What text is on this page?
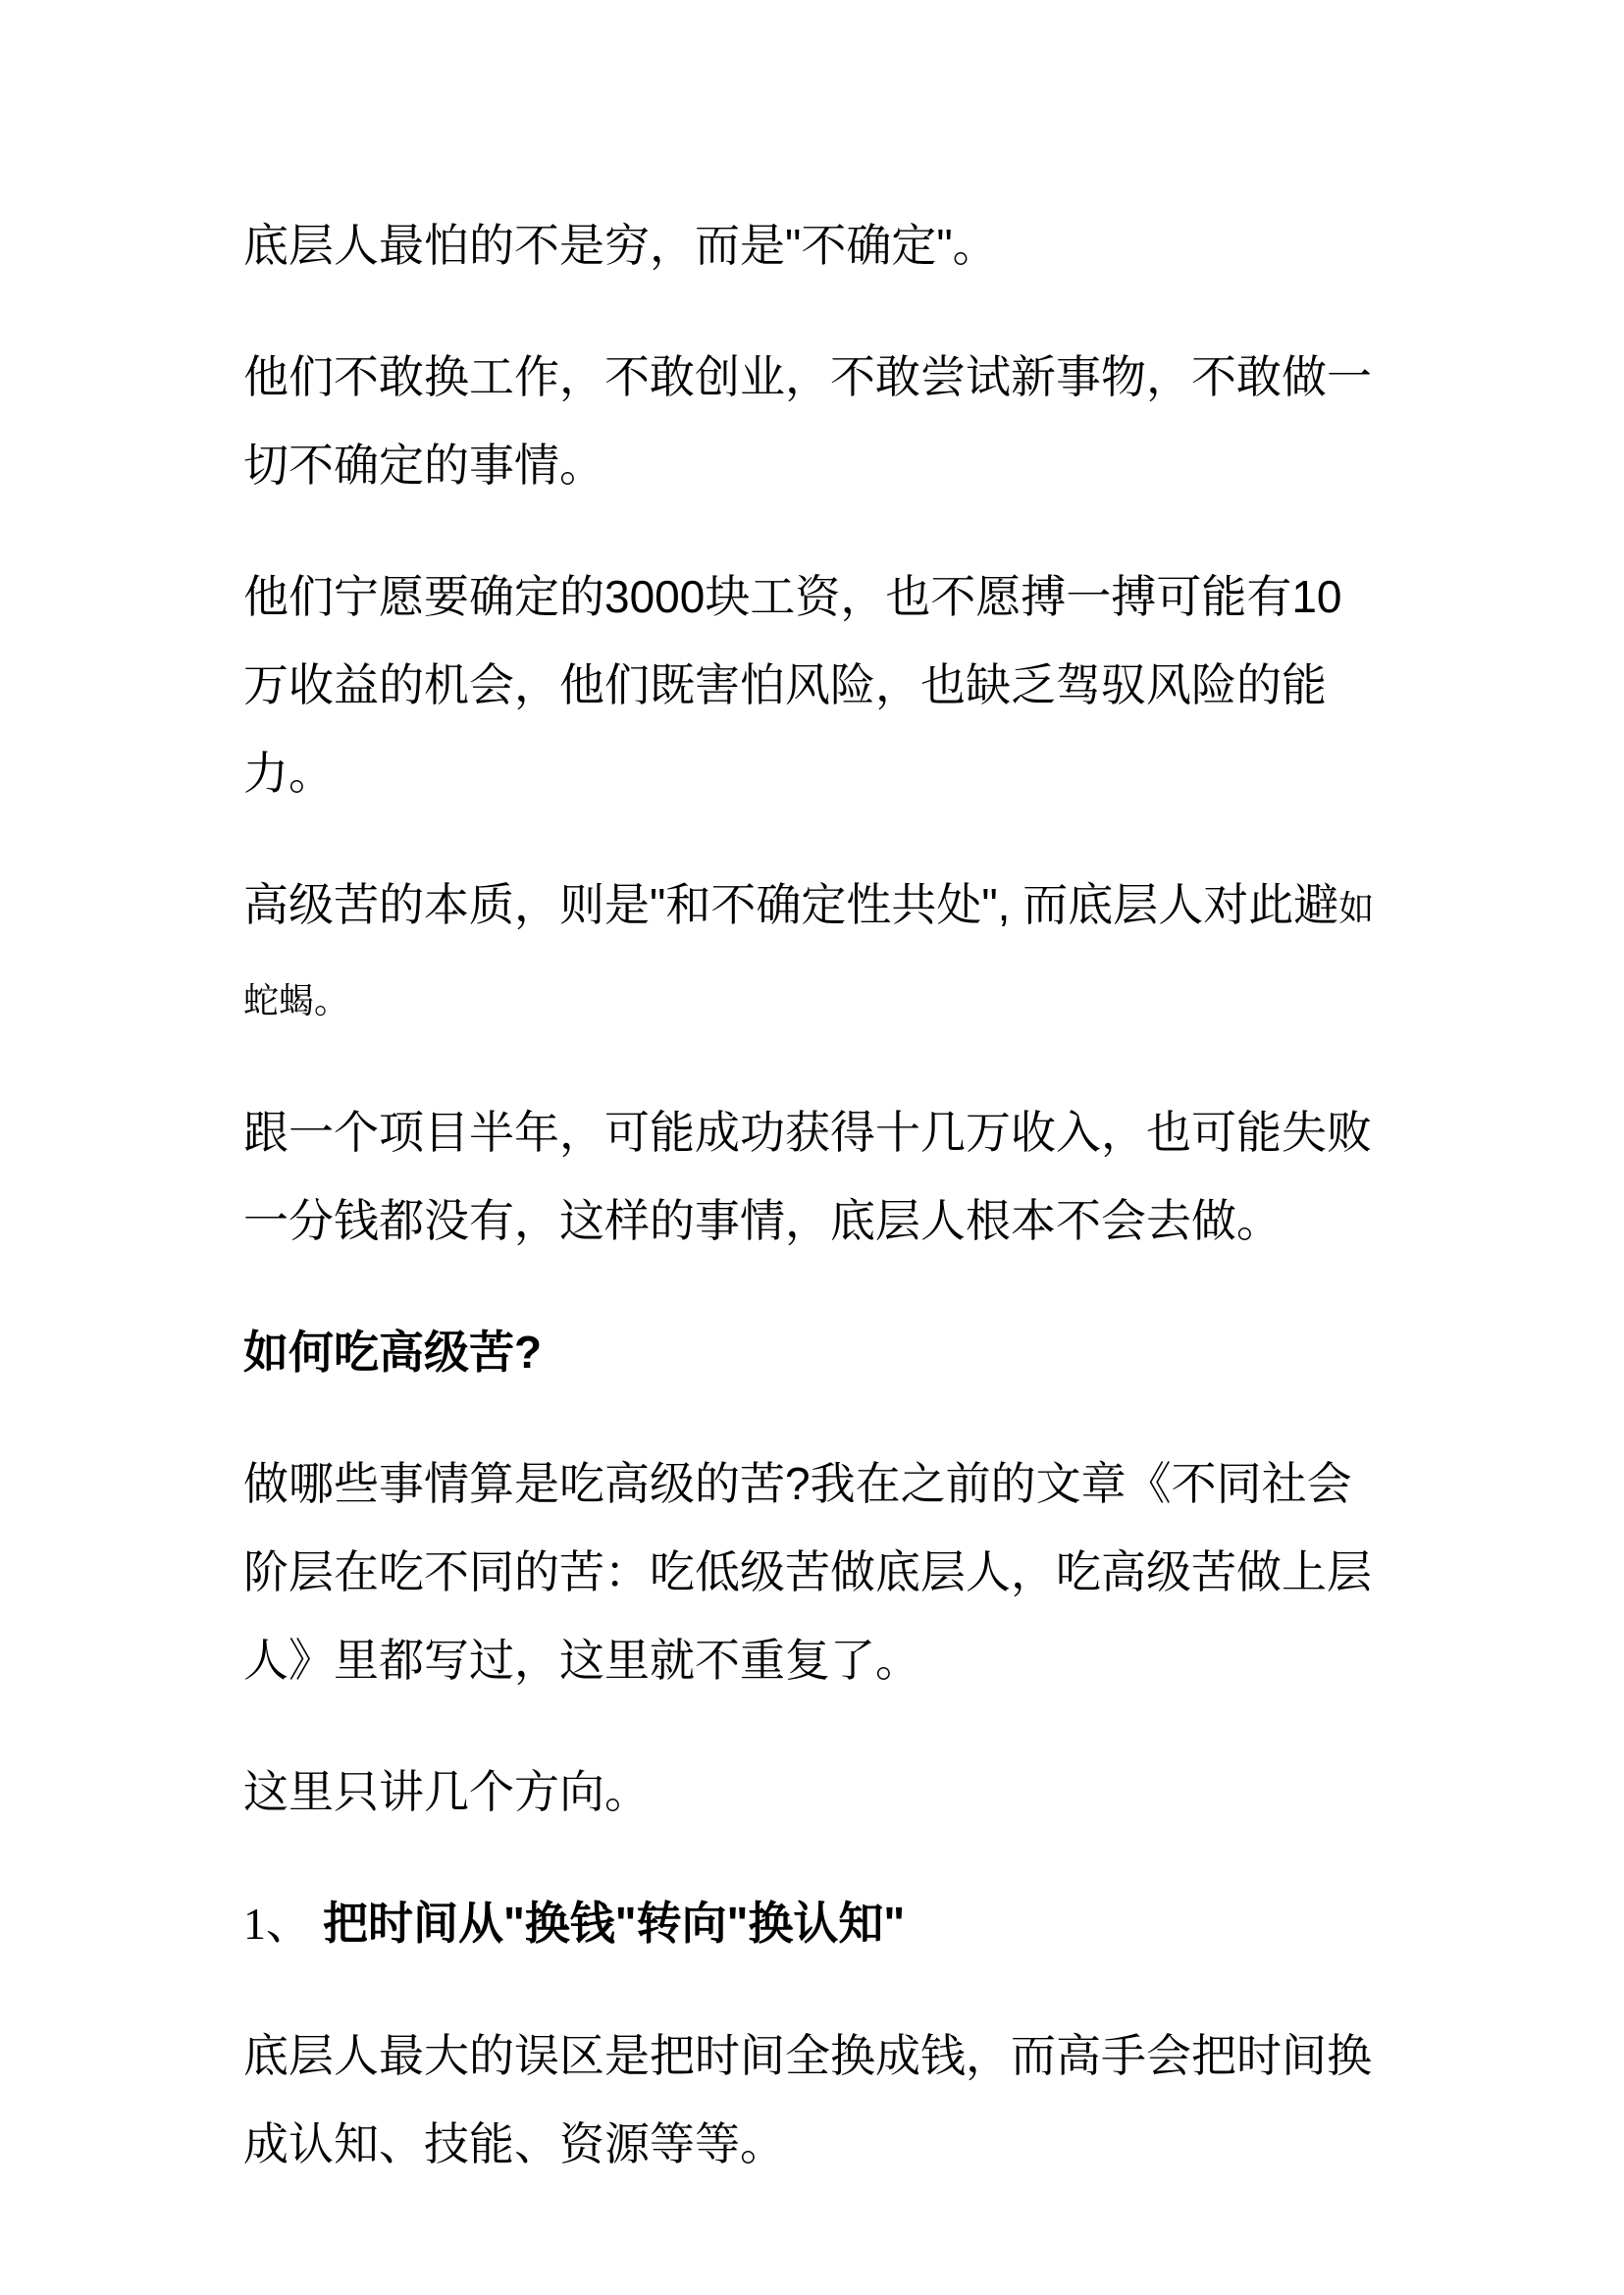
底层人最怕的不是穷，而是"不确定"。

他们不敢换工作，不敢创业，不敢尝试新事物，不敢做一切不确定的事情。

他们宁愿要确定的3000块工资，也不愿搏一搏可能有10万收益的机会，他们既害怕风险，也缺乏驾驭风险的能力。

高级苦的本质，则是"和不确定性共处", 而底层人对此避如蛇蝎。

跟一个项目半年，可能成功获得十几万收入，也可能失败一分钱都没有，这样的事情，底层人根本不会去做。

如何吃高级苦?

做哪些事情算是吃高级的苦?我在之前的文章《不同社会阶层在吃不同的苦：吃低级苦做底层人，吃高级苦做上层人》里都写过，这里就不重复了。

这里只讲几个方向。

1、 把时间从"换钱"转向"换认知"

底层人最大的误区是把时间全换成钱，而高手会把时间换成认知、技能、资源等等。
